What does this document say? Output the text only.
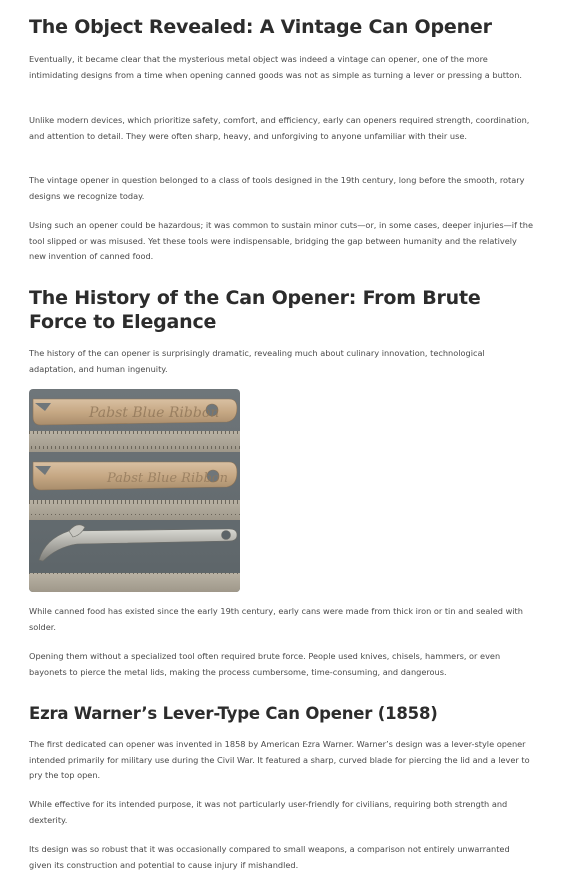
The Object Revealed: A Vintage Can Opener

Eventually, it became clear that the mysterious metal object was indeed a vintage can opener, one of the more intimidating designs from a time when opening canned goods was not as simple as turning a lever or pressing a button.

Unlike modern devices, which prioritize safety, comfort, and efficiency, early can openers required strength, coordination, and attention to detail. They were often sharp, heavy, and unforgiving to anyone unfamiliar with their use.

The vintage opener in question belonged to a class of tools designed in the 19th century, long before the smooth, rotary designs we recognize today.

Using such an opener could be hazardous; it was common to sustain minor cuts—or, in some cases, deeper injuries—if the tool slipped or was misused. Yet these tools were indispensable, bridging the gap between humanity and the relatively new invention of canned food.

The History of the Can Opener: From Brute Force to Elegance

The history of the can opener is surprisingly dramatic, revealing much about culinary innovation, technological adaptation, and human ingenuity.

Pabst Blue Ribbon
Pabst Blue Ribbon

While canned food has existed since the early 19th century, early cans were made from thick iron or tin and sealed with solder.

Opening them without a specialized tool often required brute force. People used knives, chisels, hammers, or even bayonets to pierce the metal lids, making the process cumbersome, time-consuming, and dangerous.

Ezra Warner’s Lever-Type Can Opener (1858)

The first dedicated can opener was invented in 1858 by American Ezra Warner. Warner’s design was a lever-style opener intended primarily for military use during the Civil War. It featured a sharp, curved blade for piercing the lid and a lever to pry the top open.

While effective for its intended purpose, it was not particularly user-friendly for civilians, requiring both strength and dexterity.

Its design was so robust that it was occasionally compared to small weapons, a comparison not entirely unwarranted given its construction and potential to cause injury if mishandled.
